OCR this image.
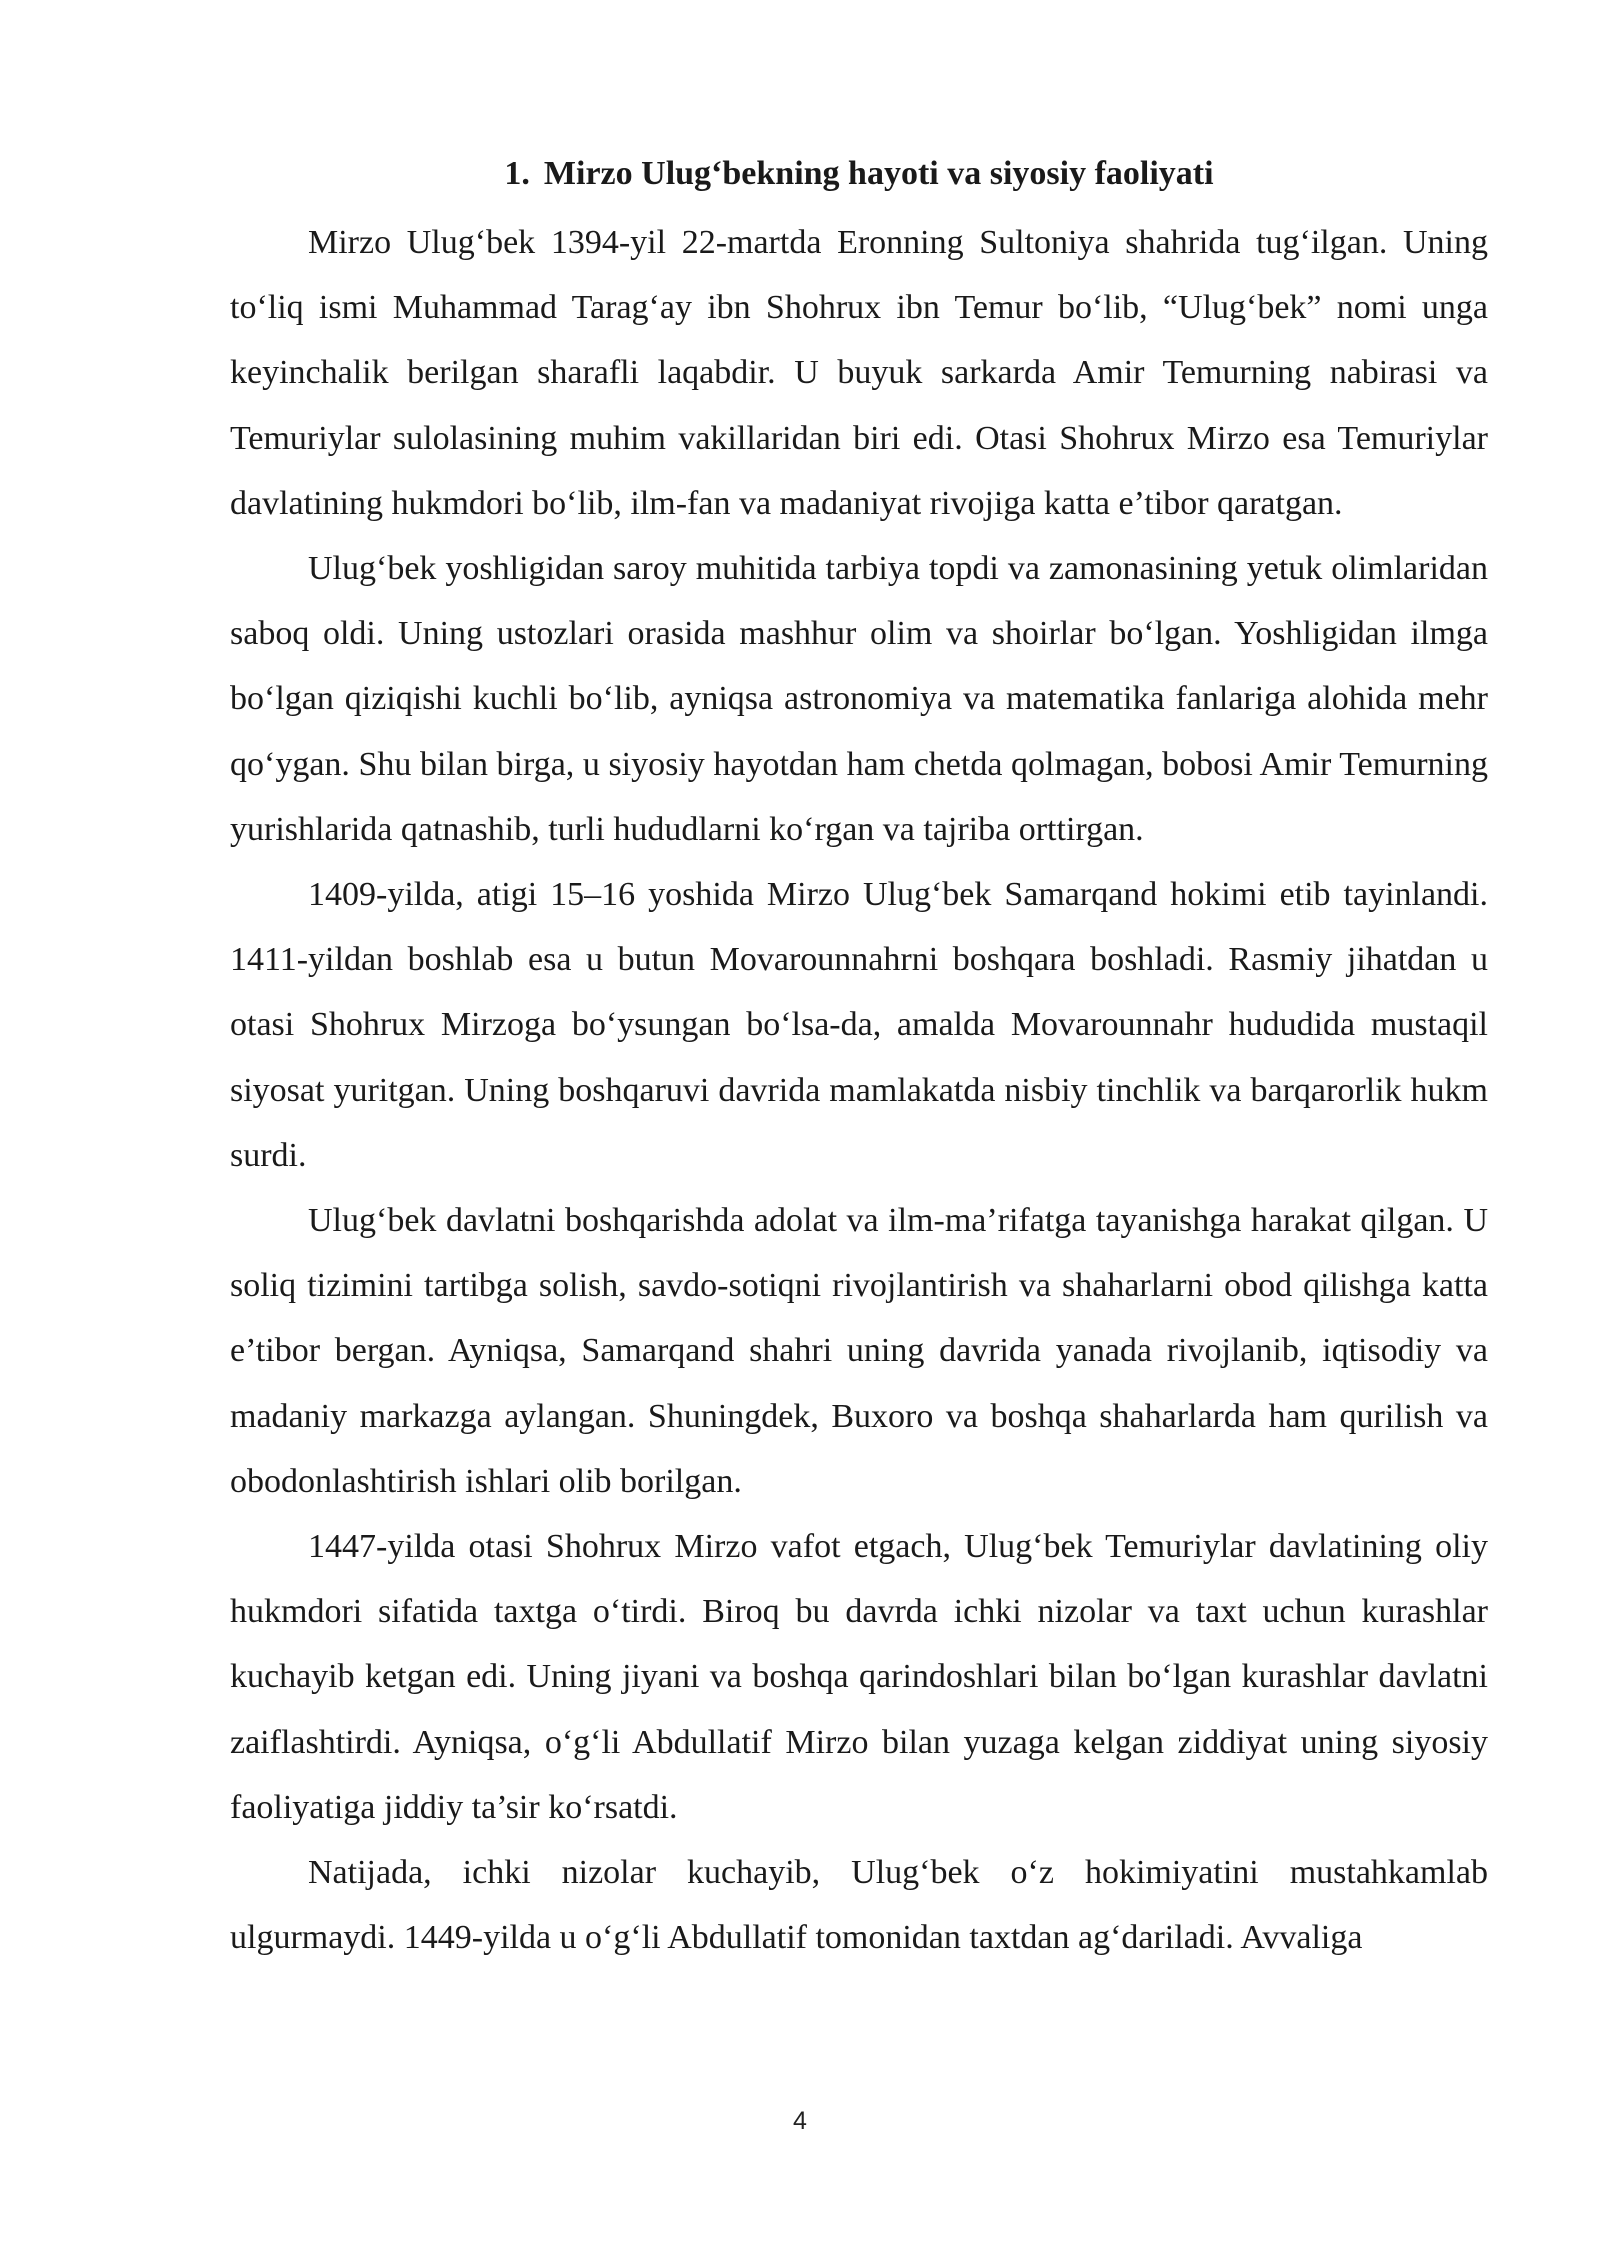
1. Mirzo Ulug‘bekning hayoti va siyosiy faoliyati

Mirzo Ulug‘bek 1394-yil 22-martda Eronning Sultoniya shahrida tug‘ilgan. Uning to‘liq ismi Muhammad Tarag‘ay ibn Shohrux ibn Temur bo‘lib, “Ulug‘bek” nomi unga keyinchalik berilgan sharafli laqabdir. U buyuk sarkarda Amir Temurning nabirasi va Temuriylar sulolasining muhim vakillaridan biri edi. Otasi Shohrux Mirzo esa Temuriylar davlatining hukmdori bo‘lib, ilm-fan va madaniyat rivojiga katta e’tibor qaratgan.

Ulug‘bek yoshligidan saroy muhitida tarbiya topdi va zamonasining yetuk olimlaridan saboq oldi. Uning ustozlari orasida mashhur olim va shoirlar bo‘lgan. Yoshligidan ilmga bo‘lgan qiziqishi kuchli bo‘lib, ayniqsa astronomiya va matematika fanlariga alohida mehr qo‘ygan. Shu bilan birga, u siyosiy hayotdan ham chetda qolmagan, bobosi Amir Temurning yurishlarida qatnashib, turli hududlarni ko‘rgan va tajriba orttirgan.

1409-yilda, atigi 15–16 yoshida Mirzo Ulug‘bek Samarqand hokimi etib tayinlandi. 1411-yildan boshlab esa u butun Movarounnahrni boshqara boshladi. Rasmiy jihatdan u otasi Shohrux Mirzoga bo‘ysungan bo‘lsa-da, amalda Movarounnahr hududida mustaqil siyosat yuritgan. Uning boshqaruvi davrida mamlakatda nisbiy tinchlik va barqarorlik hukm surdi.

Ulug‘bek davlatni boshqarishda adolat va ilm-ma’rifatga tayanishga harakat qilgan. U soliq tizimini tartibga solish, savdo-sotiqni rivojlantirish va shaharlarni obod qilishga katta e’tibor bergan. Ayniqsa, Samarqand shahri uning davrida yanada rivojlanib, iqtisodiy va madaniy markazga aylangan. Shuningdek, Buxoro va boshqa shaharlarda ham qurilish va obodonlashtirish ishlari olib borilgan.

1447-yilda otasi Shohrux Mirzo vafot etgach, Ulug‘bek Temuriylar davlatining oliy hukmdori sifatida taxtga o‘tirdi. Biroq bu davrda ichki nizolar va taxt uchun kurashlar kuchayib ketgan edi. Uning jiyani va boshqa qarindoshlari bilan bo‘lgan kurashlar davlatni zaiflashtirdi. Ayniqsa, o‘g‘li Abdullatif Mirzo bilan yuzaga kelgan ziddiyat uning siyosiy faoliyatiga jiddiy ta’sir ko‘rsatdi.

Natijada, ichki nizolar kuchayib, Ulug‘bek o‘z hokimiyatini mustahkamlab ulgurmaydi. 1449-yilda u o‘g‘li Abdullatif tomonidan taxtdan ag‘dariladi. Avvaliga

4
